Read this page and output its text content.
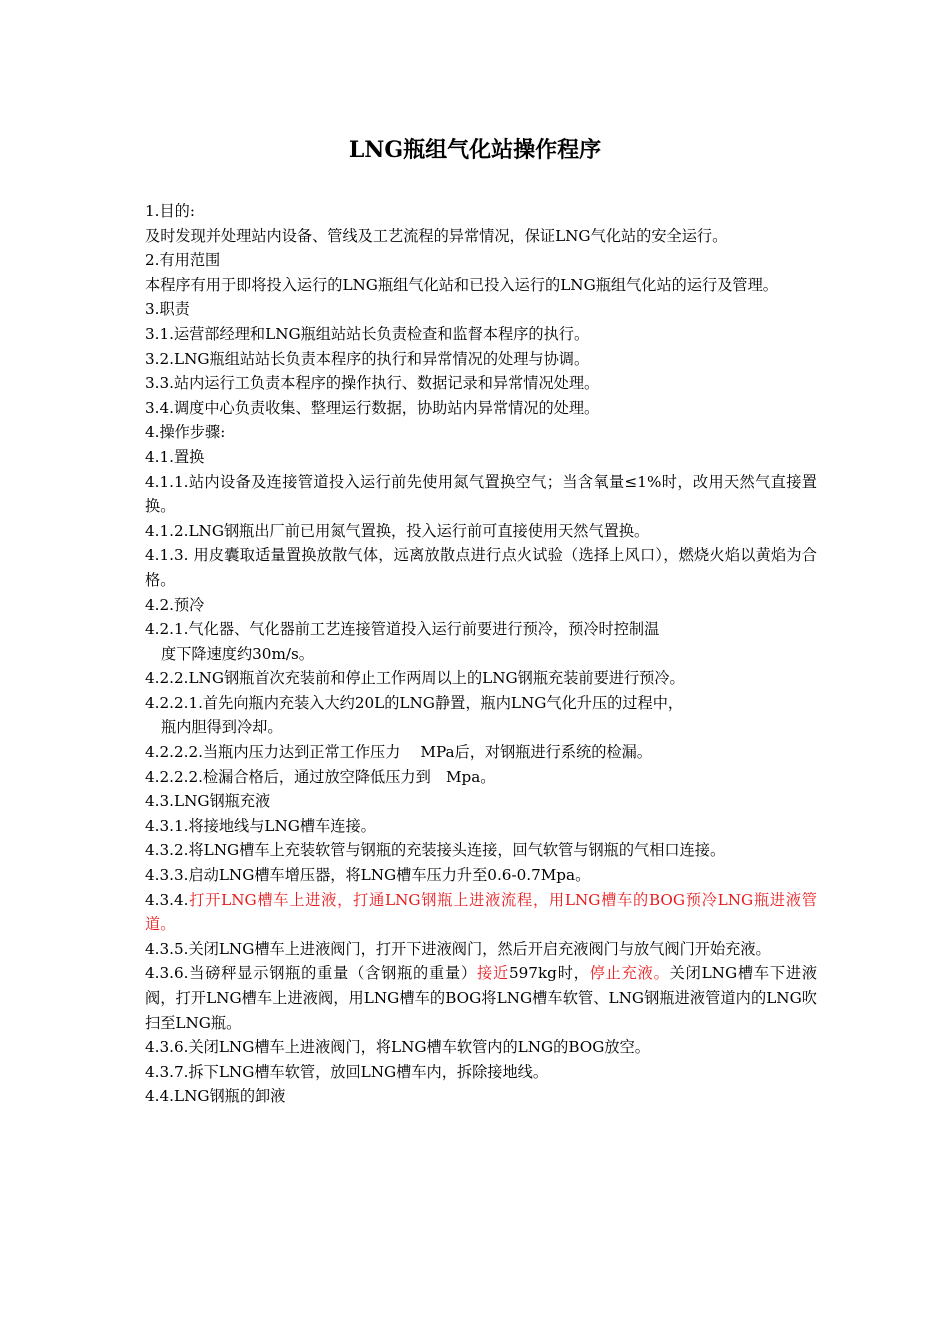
LNG瓶组气化站操作程序

1.目的:

及时发现并处理站内设备、管线及工艺流程的异常情况，保证LNG气化站的安全运行。

2.有用范围

本程序有用于即将投入运行的LNG瓶组气化站和已投入运行的LNG瓶组气化站的运行及管理。

3.职责

3.1.运营部经理和LNG瓶组站站长负责检查和监督本程序的执行。

3.2.LNG瓶组站站长负责本程序的执行和异常情况的处理与协调。

3.3.站内运行工负责本程序的操作执行、数据记录和异常情况处理。

3.4.调度中心负责收集、整理运行数据，协助站内异常情况的处理。

4.操作步骤:

4.1.置换

4.1.1.站内设备及连接管道投入运行前先使用氮气置换空气；当含氧量≤1%时，改用天然气直接置换。

4.1.2.LNG钢瓶出厂前已用氮气置换，投入运行前可直接使用天然气置换。

4.1.3. 用皮囊取适量置换放散气体，远离放散点进行点火试验（选择上风口），燃烧火焰以黄焰为合格。

4.2.预冷

4.2.1.气化器、气化器前工艺连接管道投入运行前要进行预冷，预冷时控制温
度下降速度约30m/s。

4.2.2.LNG钢瓶首次充装前和停止工作两周以上的LNG钢瓶充装前要进行预冷。

4.2.2.1.首先向瓶内充装入大约20L的LNG静置，瓶内LNG气化升压的过程中，
瓶内胆得到冷却。

4.2.2.2.当瓶内压力达到正常工作压力　 MPa后，对钢瓶进行系统的检漏。

4.2.2.2.检漏合格后，通过放空降低压力到　Mpa。

4.3.LNG钢瓶充液

4.3.1.将接地线与LNG槽车连接。

4.3.2.将LNG槽车上充装软管与钢瓶的充装接头连接，回气软管与钢瓶的气相口连接。

4.3.3.启动LNG槽车增压器，将LNG槽车压力升至0.6-0.7Mpa。

4.3.4.打开LNG槽车上进液，打通LNG钢瓶上进液流程，用LNG槽车的BOG预冷LNG瓶进液管道。

4.3.5.关闭LNG槽车上进液阀门，打开下进液阀门，然后开启充液阀门与放气阀门开始充液。

4.3.6.当磅秤显示钢瓶的重量（含钢瓶的重量）接近597kg时，停止充液。关闭LNG槽车下进液阀，打开LNG槽车上进液阀，用LNG槽车的BOG将LNG槽车软管、LNG钢瓶进液管道内的LNG吹扫至LNG瓶。

4.3.6.关闭LNG槽车上进液阀门，将LNG槽车软管内的LNG的BOG放空。

4.3.7.拆下LNG槽车软管，放回LNG槽车内，拆除接地线。

4.4.LNG钢瓶的卸液
